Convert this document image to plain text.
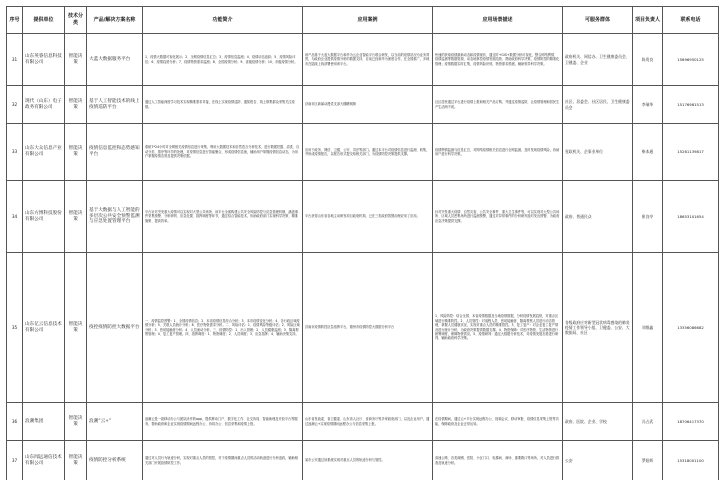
序号	提供单位	技术分类	产品/解决方案名称	功能简介	应用案例	应用场景描述	可服务群体	项目负责人	联系电话
31	山东英睿信息科技有限公司	智能决策	大蓝大数据服务平台	1、疫情大数据可视化展示；2、全网疫情信息汇总；3、疫情信息监测；4、疫情动态追踪；5、疫情风险评估；6、疫情趋势分析；7、疫情物资需求监测；8、全国疫情分析；9、省级疫情分析；10、市级疫情分析。	该产品基于大蓝大数据平台和华为云企业智能平台联合研发，以当前的疫情状况为业务背景，为政府企业提供疫情分析的数据支持，目前已经和华为深度合作，在全国推广，多地市在陆续上线部署使用该平台。	快速的获取疫情最新动态和疫情现状，通过时+GIS+数据分析可视化，整合网络舆情、疫情监测等数据资源，动态地掌控疫情发展趋势，帮助政府科学决策，疫情防控的精准化管理；疫情数据实时汇集，疫情风险识别，物资需求预测，辅助领导科学决策。	政府机关、网信办、卫生健康委员会、卫健委、企业	陈贵良	15896950125
32	现代（山东）电子政务有限公司	智能决策	基于人工智能技术的线上疫情巡防平台	通过人工智能深度学习技术实现精准需求对接，在线上实现疫情巡防、通知报告、线上散集群众采集关注疫情。	济南市区新闻动漫党支部大棚塘城街	社区居民通过平台进行疫情上报和相关产品订购，并通过疫情巡防，让疫情管理和居民生产生活两不误。	社区、居委会、社区居民、卫生健康委员会	李瑞华	15176981513
33	山东大众信息产业有限公司	智能决策	疫情信息监控和态势感知平台	系统7*24小时对全网相关疫情信息进行采集，利用大数据技术和自然语言分析技术，进行数据挖掘、清洗、自动分类、排序等环节的处理，对疫情信息进行智能聚合，形成疫情信息流，辅助用户掌握疫情信息动态，为用户掌握疫情态势及提供决策依据。	应用于政务、网信、卫健、公安、司法等部门。通过本平台对疫情信息进行监测、收集，并形成疫情报告，以报告形式提交给相关部门，为疫情防控决策提供支撑。	疫情舆情监测与信息汇总，对网络疫情相关信息进行全网监测，及时发现疫情风险，协助用户进行科学决策。	党政机关、企事业单位	柴本通	15261139817
34	山东方博科技股份有限公司	智能决策	基于大数据与人工智能的多层次公共安全预警监测与应急处置管理平台	平台针对突发重大疫情可以实现对大型公共场所、该平台全面构建公共安全风险防控与应急管理机制，涵盖事件采集预警、分析研判、应急处置、指挥调度等环节，通过结合智能技术，协助政府部门实现科学决策、精准施策、提高效率。	平台获得山东省各地主动研发项目政府机构，已在三类政府智慧治理应用了应用。	针对突发重大疫情、自然灾害、公共安全事件、重大卫生事件等，可以实现对大型公共场所、区域人员密集场所进行监测预警，通过对异常事件的分析研判及时发出预警，为政府应急决策提供支撑。	政府、普通民众	崔良亭	18653101654
35	山东亿云信息技术有限公司	智能决策	疫控疫情防控大数据平台	一、疫情监控预警：1、全国疫情信息；2、本省疫情信息综合分析；3、本市疫情变化分析；4、各行政区域疫情分析；5、关联人员统计分析；6、医疗物资需求分析。二、风险评估：1、疫情风险等级评估；2、风险区域分析；3、密切接触者分析；4、人员流动分析。三、疫情防控：1、出入管理；2、人员健康监测；3、隔离观察管理；4、复工复产管理。四、指挥调度：1、物资调度；2、人员调度；3、应急指挥；4、辅助决策支持。	济南市疫情防控应急指挥平台，德州市疫情防控大数据分析平台	1、风险防控：结合全国、本省疫情数据及当地疫情数据，分析疫情发展趋势，对重点区域进行精准防控。2、人员管控：对返程人员、密切接触者、隔离观察人员进行动态管理，掌握人员健康状况，实现对重点人员的精准管控。3、复工复产：对企业复工复产情况进行统计分析，为政府决策提供数据支撑。4、物资保障：对医疗物资、生活物资进行统筹调度，保障物资供应。5、疫情研判：通过大数据分析技术，对疫情发展态势进行研判，辅助政府科学决策。	各级政府应对新型冠状病毒感染的肺炎疫情工作领导小组、卫健委、公安、大数据局、社区	刘维鑫	13356086682
36	浪潮集团	智能决策	浪潮“云+”	浪潮云是一款移动办公与团队协作的app，提供移动门户、数字化工作、社交协同、智能助理及开放平台等服务，帮助政府和企业实现疫情期间远程办公、协同办公、信息采集和疫情上报。	山东省发改委、省卫健委、山东省人社厅、省商务厅等多家政府部门，以及企业用户，通过浪潮云+实现疫情期间远程办公与信息采集上报。	在疫情期间，通过云+平台实现远程办公、视频会议、移动审批、疫情信息采集上报等功能，保障政府及企业正常运转。	政府、医院、企业、学校	冯占武	18706417370
37	山东闻远通信技术有限公司	智能决策	疫情防控分析系统	通过对人员行为轨迹分析，实现对重点人员的管控，对于疫情期间重点人员的活动轨迹进行分析追踪，辅助相关部门开展疫情防控工作。	某市公安通过该系统实现对重点人员的轨迹分析与管控。	高速公路、各类商圈、医院、小区门口、电梯间、商场、重要路口等场所，对人员进行排查及轨迹分析。	公安	罗阳辉	15318001100
